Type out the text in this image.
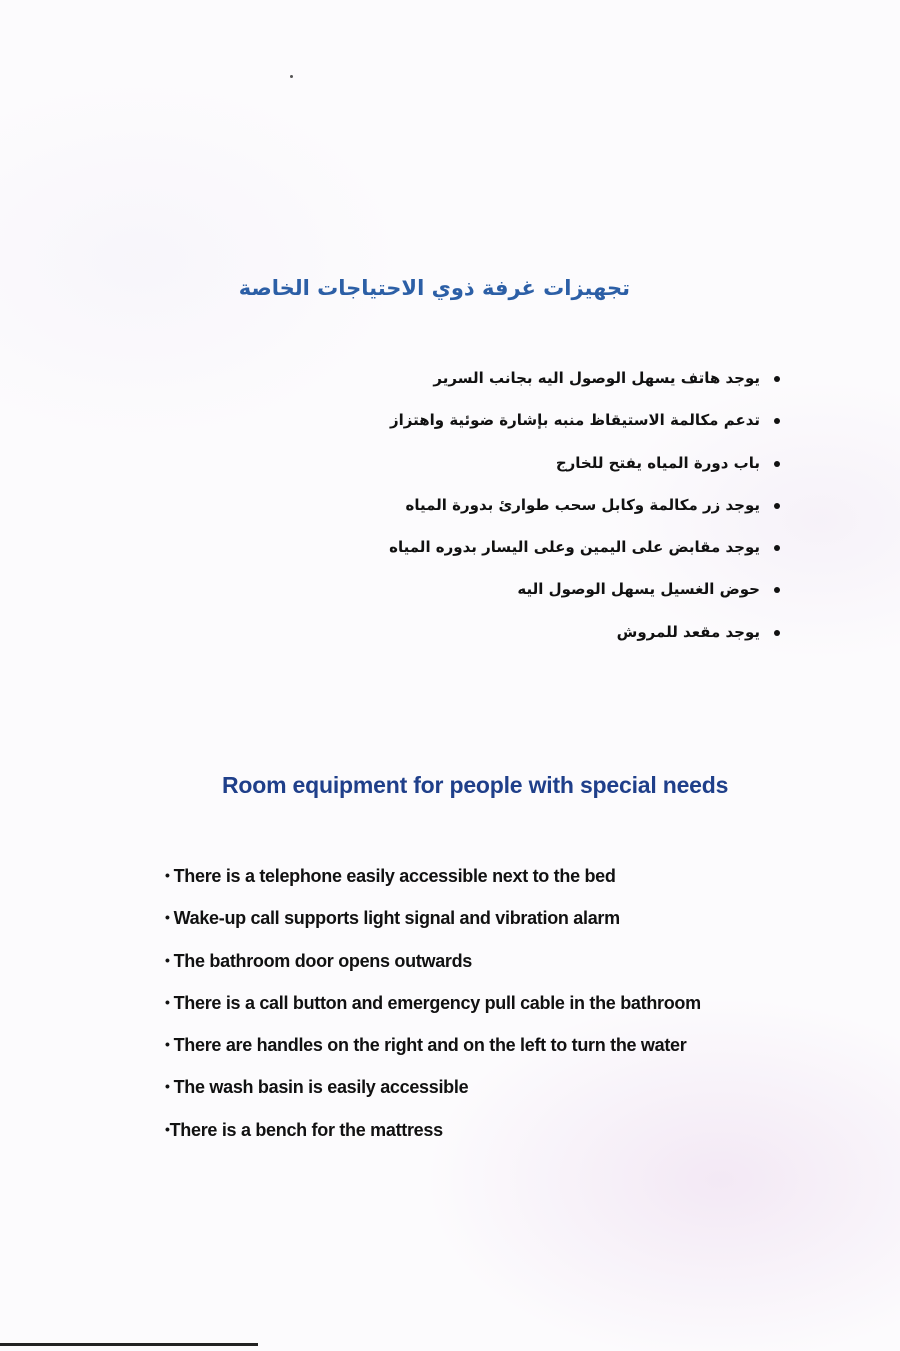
تجهيزات غرفة ذوي الاحتياجات الخاصة
يوجد هاتف يسهل الوصول اليه بجانب السرير
تدعم مكالمة الاستيقاظ منبه بإشارة ضوئية واهتزاز
باب دورة المياه يفتح للخارج
يوجد زر مكالمة وكابل سحب طوارئ بدورة المياه
يوجد مقابض على اليمين وعلى اليسار بدوره المياه
حوض الغسيل يسهل الوصول اليه
يوجد مقعد للمروش
Room equipment for people with special needs
• There is a telephone easily accessible next to the bed
• Wake-up call supports light signal and vibration alarm
• The bathroom door opens outwards
• There is a call button and emergency pull cable in the bathroom
• There are handles on the right and on the left to turn the water
• The wash basin is easily accessible
•There is a bench for the mattress
